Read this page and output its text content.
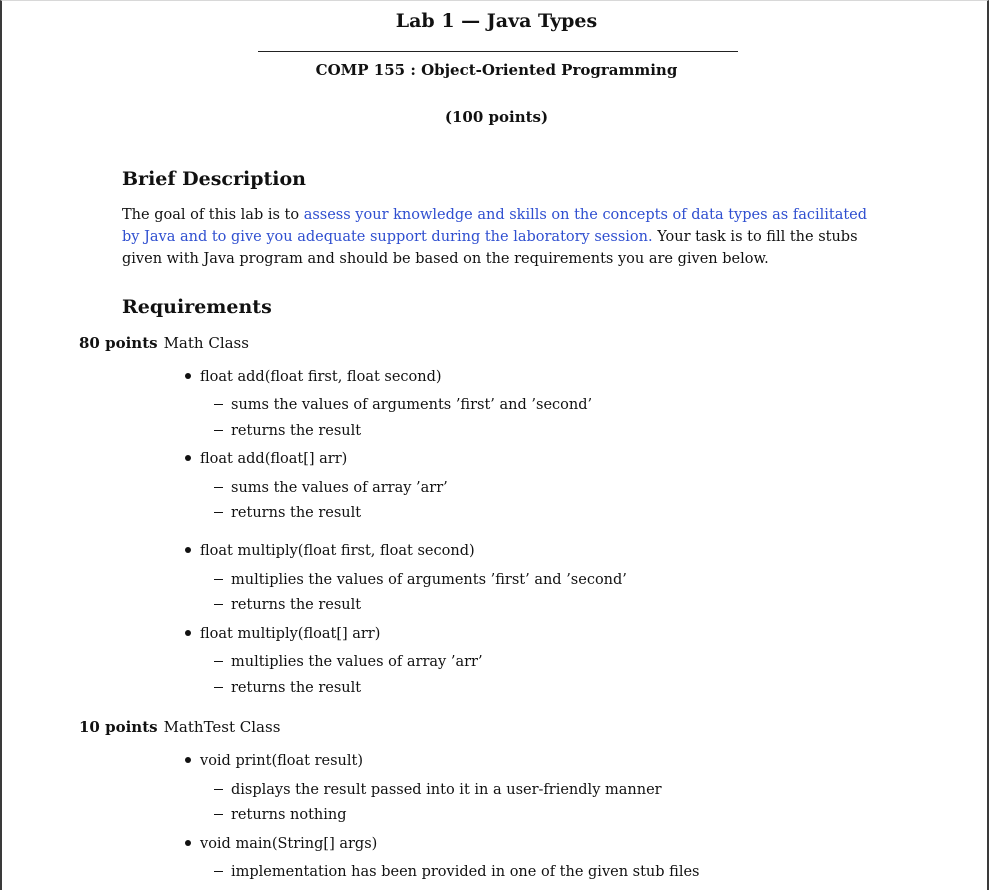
Lab 1 — Java Types
COMP 155 : Object-Oriented Programming
(100 points)
Brief Description
The goal of this lab is to assess your knowledge and skills on the concepts of data types as facilitated by Java and to give you adequate support during the laboratory session. Your task is to fill the stubs given with Java program and should be based on the requirements you are given below.
Requirements
80 points Math Class
float add(float first, float second)
sums the values of arguments ’first’ and ’second’
returns the result
float add(float[] arr)
sums the values of array ’arr’
returns the result
float multiply(float first, float second)
multiplies the values of arguments ’first’ and ’second’
returns the result
float multiply(float[] arr)
multiplies the values of array ’arr’
returns the result
10 points MathTest Class
void print(float result)
displays the result passed into it in a user-friendly manner
returns nothing
void main(String[] args)
implementation has been provided in one of the given stub files
